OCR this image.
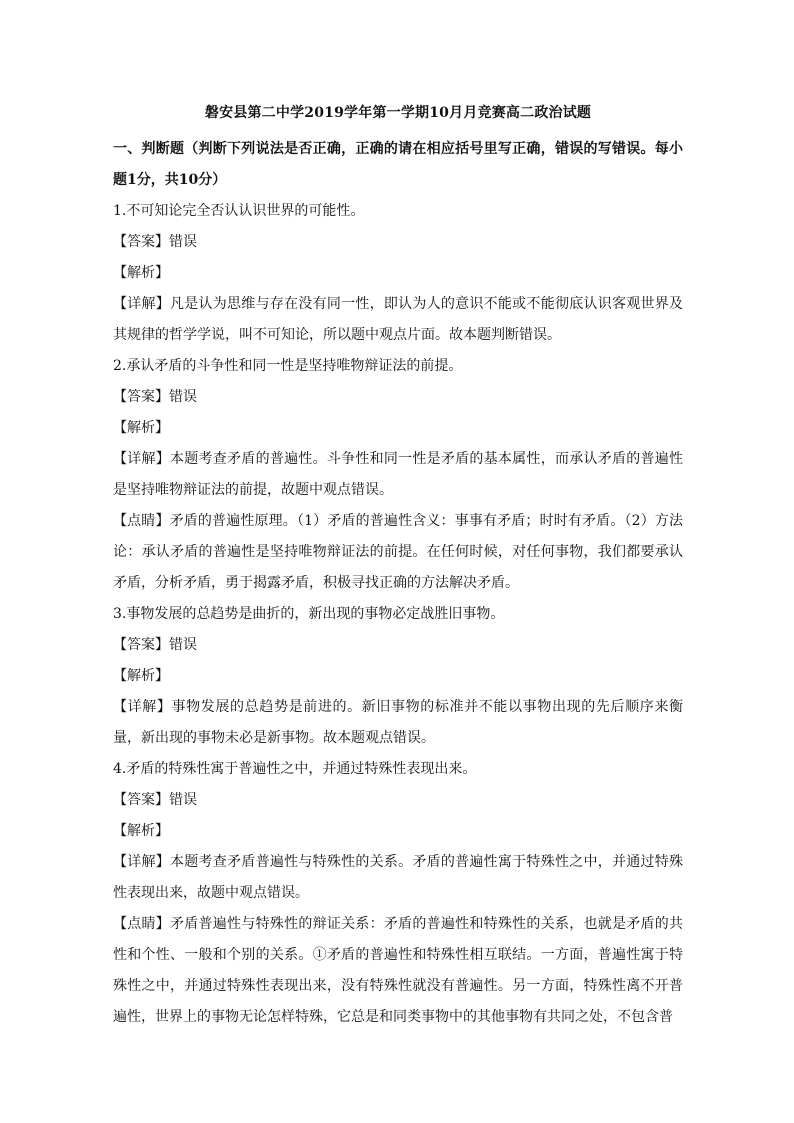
磐安县第二中学2019学年第一学期10月月竞赛高二政治试题

一、判断题（判断下列说法是否正确，正确的请在相应括号里写正确，错误的写错误。每小题1分，共10分）

1.不可知论完全否认认识世界的可能性。

【答案】错误

【解析】

【详解】凡是认为思维与存在没有同一性，即认为人的意识不能或不能彻底认识客观世界及其规律的哲学学说，叫不可知论，所以题中观点片面。故本题判断错误。

2.承认矛盾的斗争性和同一性是坚持唯物辩证法的前提。

【答案】错误

【解析】

【详解】本题考查矛盾的普遍性。斗争性和同一性是矛盾的基本属性，而承认矛盾的普遍性是坚持唯物辩证法的前提，故题中观点错误。

【点睛】矛盾的普遍性原理。（1）矛盾的普遍性含义：事事有矛盾；时时有矛盾。（2）方法论：承认矛盾的普遍性是坚持唯物辩证法的前提。在任何时候，对任何事物，我们都要承认矛盾，分析矛盾，勇于揭露矛盾，积极寻找正确的方法解决矛盾。

3.事物发展的总趋势是曲折的，新出现的事物必定战胜旧事物。

【答案】错误

【解析】

【详解】事物发展的总趋势是前进的。新旧事物的标准并不能以事物出现的先后顺序来衡量，新出现的事物未必是新事物。故本题观点错误。

4.矛盾的特殊性寓于普遍性之中，并通过特殊性表现出来。

【答案】错误

【解析】

【详解】本题考查矛盾普遍性与特殊性的关系。矛盾的普遍性寓于特殊性之中，并通过特殊性表现出来，故题中观点错误。

【点睛】矛盾普遍性与特殊性的辩证关系：矛盾的普遍性和特殊性的关系，也就是矛盾的共性和个性、一般和个别的关系。①矛盾的普遍性和特殊性相互联结。一方面，普遍性寓于特殊性之中，并通过特殊性表现出来，没有特殊性就没有普遍性。另一方面，特殊性离不开普遍性，世界上的事物无论怎样特殊，它总是和同类事物中的其他事物有共同之处，不包含普
